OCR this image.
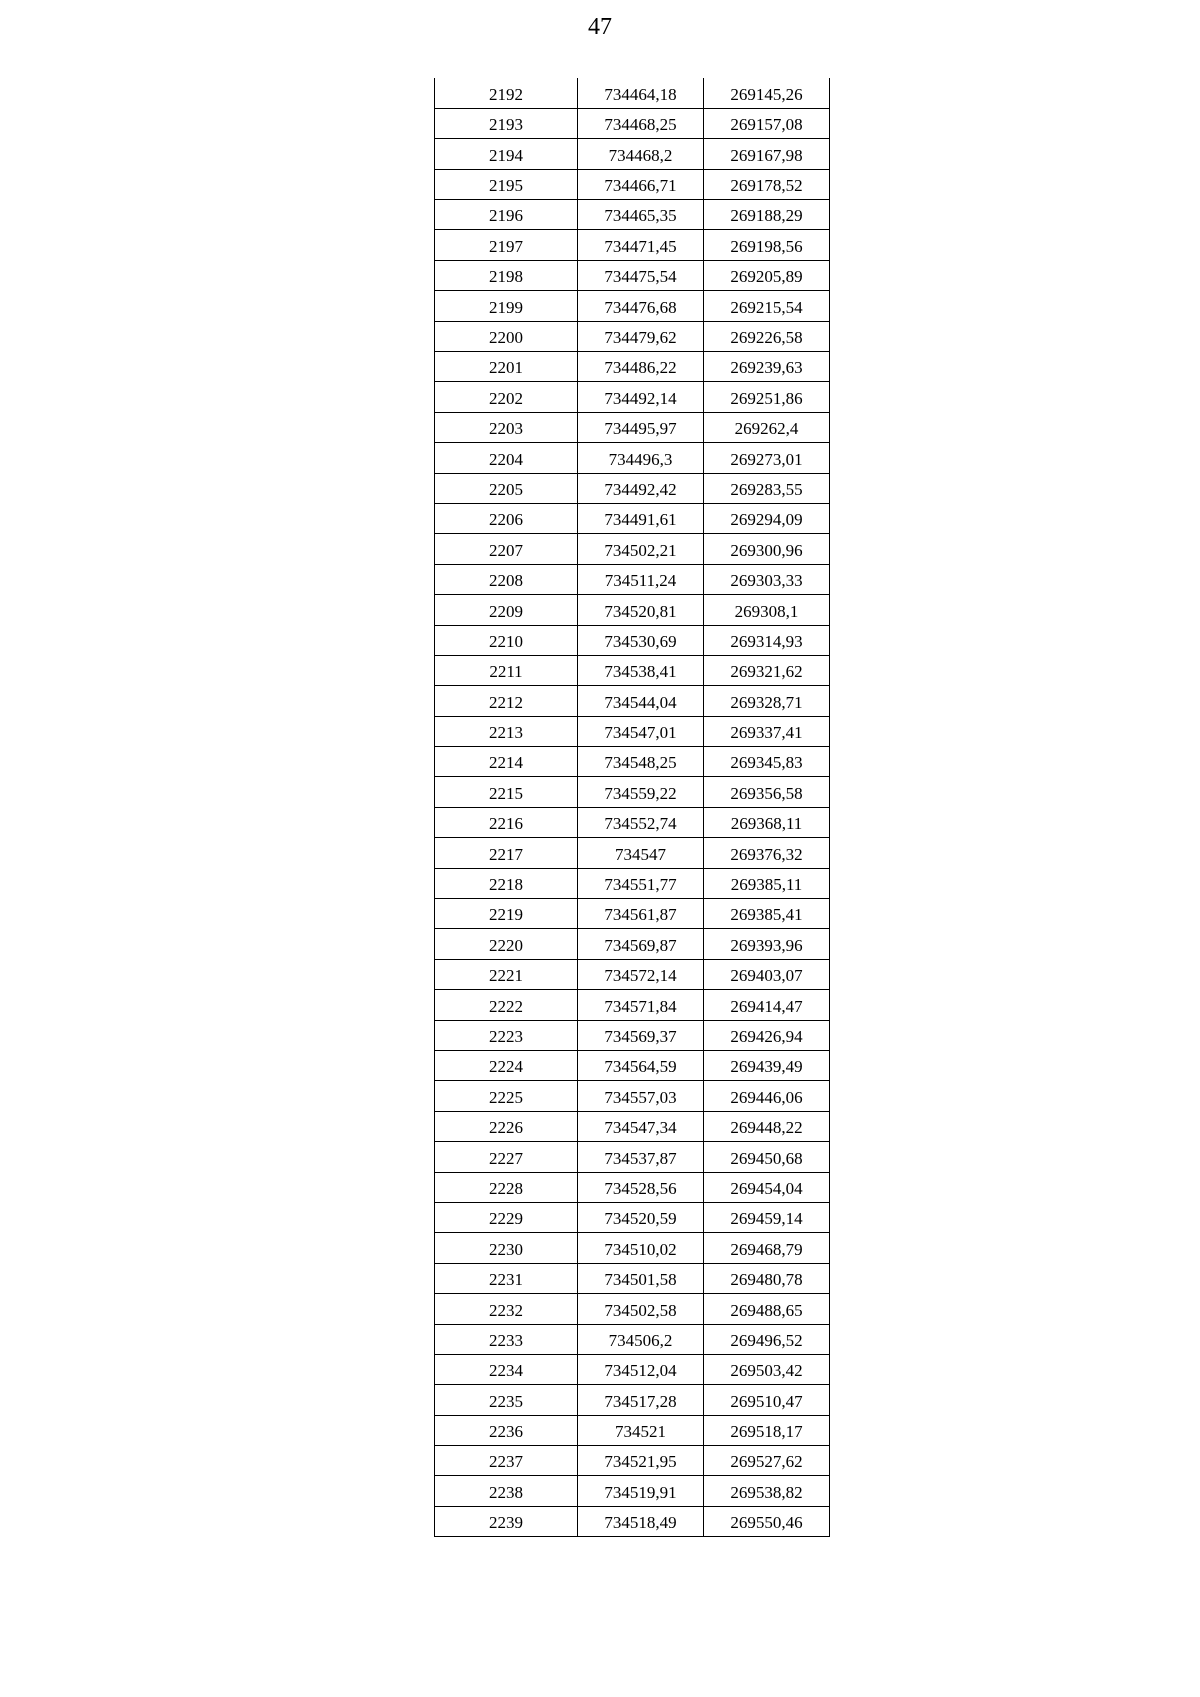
47
2192	734464,18	269145,26
2193	734468,25	269157,08
2194	734468,2	269167,98
2195	734466,71	269178,52
2196	734465,35	269188,29
2197	734471,45	269198,56
2198	734475,54	269205,89
2199	734476,68	269215,54
2200	734479,62	269226,58
2201	734486,22	269239,63
2202	734492,14	269251,86
2203	734495,97	269262,4
2204	734496,3	269273,01
2205	734492,42	269283,55
2206	734491,61	269294,09
2207	734502,21	269300,96
2208	734511,24	269303,33
2209	734520,81	269308,1
2210	734530,69	269314,93
2211	734538,41	269321,62
2212	734544,04	269328,71
2213	734547,01	269337,41
2214	734548,25	269345,83
2215	734559,22	269356,58
2216	734552,74	269368,11
2217	734547	269376,32
2218	734551,77	269385,11
2219	734561,87	269385,41
2220	734569,87	269393,96
2221	734572,14	269403,07
2222	734571,84	269414,47
2223	734569,37	269426,94
2224	734564,59	269439,49
2225	734557,03	269446,06
2226	734547,34	269448,22
2227	734537,87	269450,68
2228	734528,56	269454,04
2229	734520,59	269459,14
2230	734510,02	269468,79
2231	734501,58	269480,78
2232	734502,58	269488,65
2233	734506,2	269496,52
2234	734512,04	269503,42
2235	734517,28	269510,47
2236	734521	269518,17
2237	734521,95	269527,62
2238	734519,91	269538,82
2239	734518,49	269550,46
